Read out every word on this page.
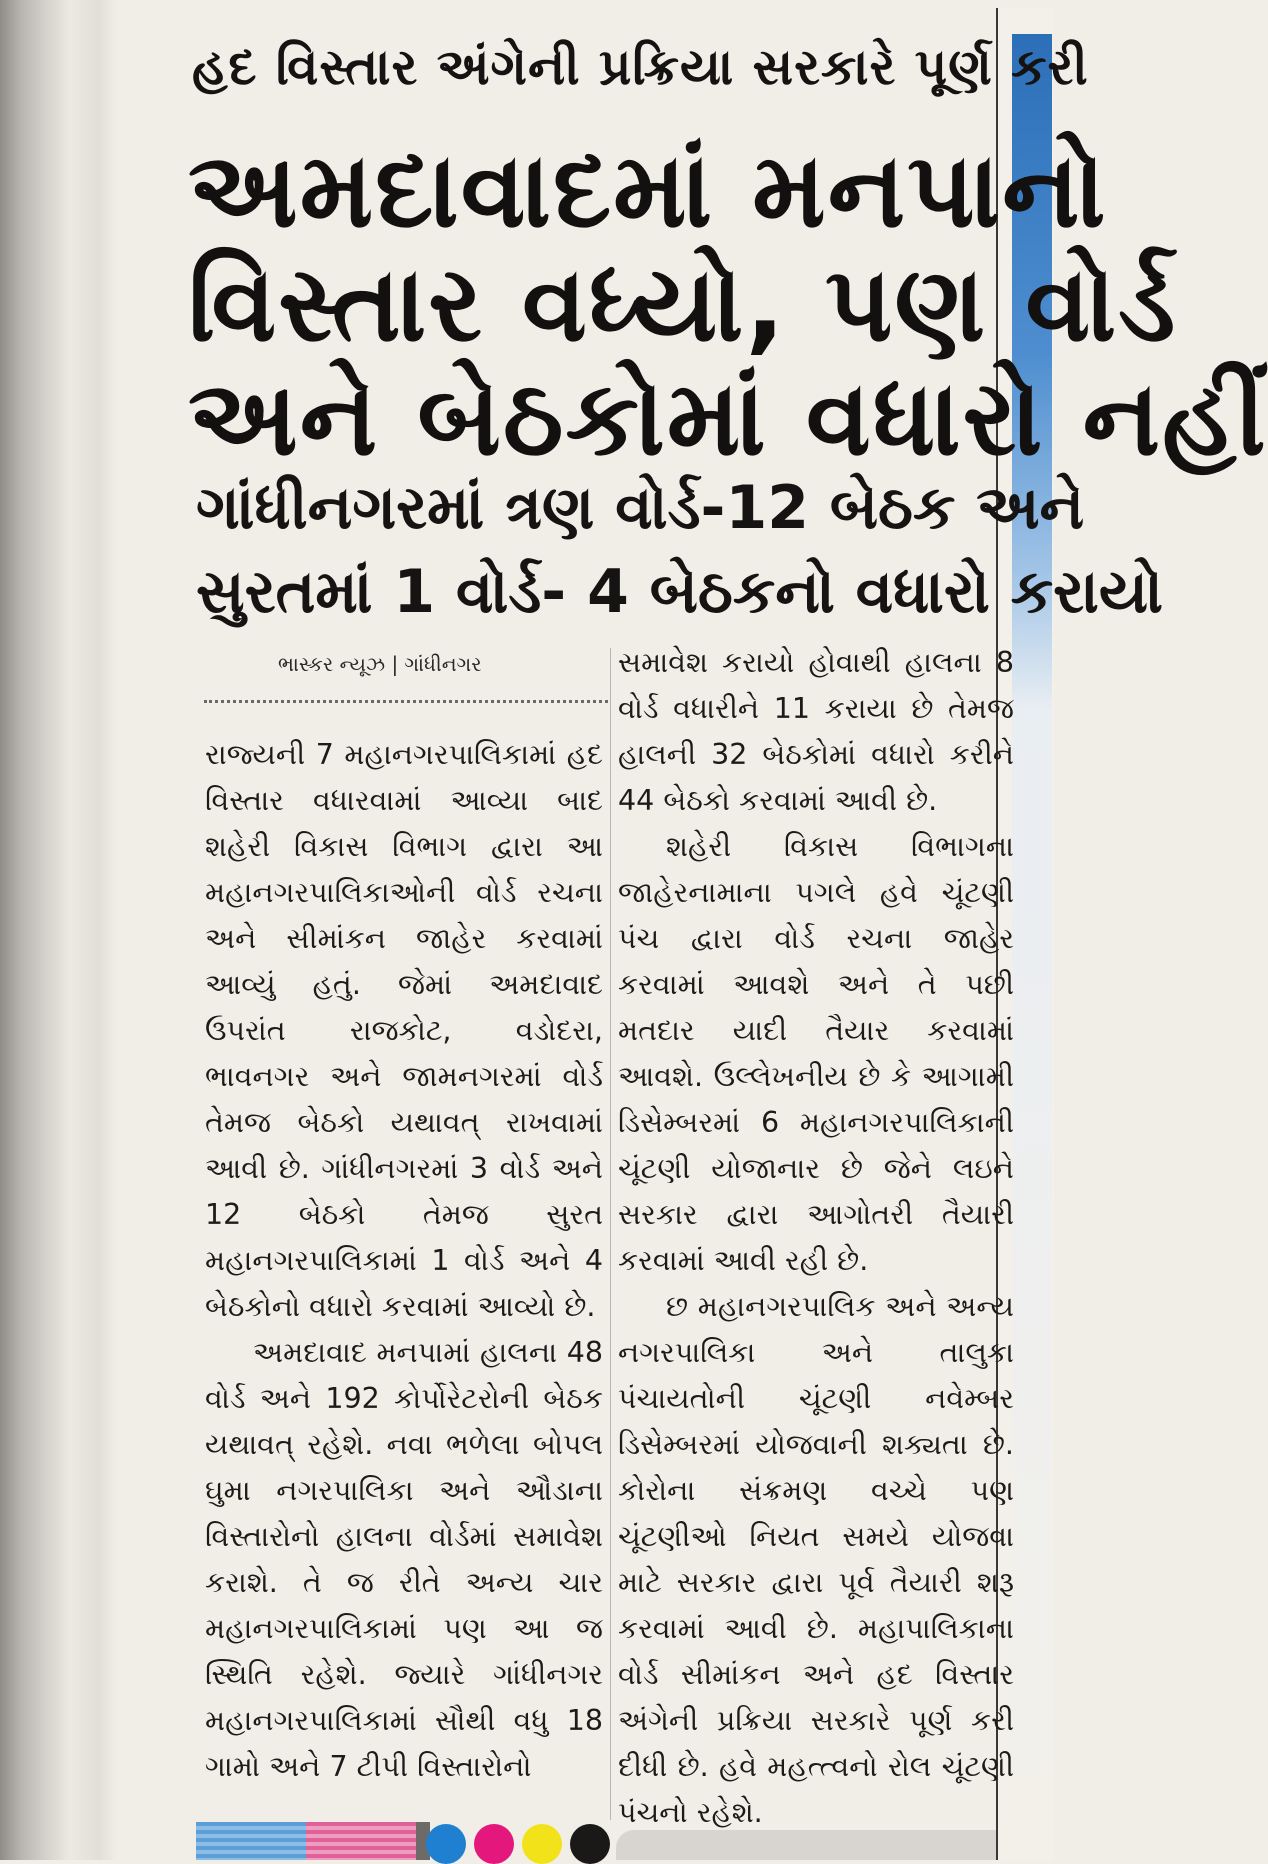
હદ વિસ્તાર અંગેની પ્રક્રિયા સરકારે પૂર્ણ કરી
અમદાવાદમાં મનપાનો
વિસ્તાર વધ્યો, પણ વોર્ડ
અને બેઠકોમાં વધારો નહીં
ગાંધીનગરમાં ત્રણ વોર્ડ-12 બેઠક અને
સુરતમાં 1 વોર્ડ- 4 બેઠકનો વધારો કરાયો
ભાસ્કર ન્યૂઝ | ગાંધીનગર

રાજ્યની 7 મહાનગરપાલિકામાં હદ વિસ્તાર વધારવામાં આવ્યા બાદ શહેરી વિકાસ વિભાગ દ્વારા આ મહાનગરપાલિકાઓની વોર્ડ રચના અને સીમાંકન જાહેર કરવામાં આવ્યું હતું. જેમાં અમદાવાદ ઉપરાંત રાજકોટ, વડોદરા, ભાવનગર અને જામનગરમાં વોર્ડ તેમજ બેઠકો યથાવત્ રાખવામાં આવી છે. ગાંધીનગરમાં 3 વોર્ડ અને 12 બેઠકો તેમજ સુરત મહાનગરપાલિકામાં 1 વોર્ડ અને 4 બેઠકોનો વધારો કરવામાં આવ્યો છે.

અમદાવાદ મનપામાં હાલના 48 વોર્ડ અને 192 કોર્પોરેટરોની બેઠક યથાવત્ રહેશે. નવા ભળેલા બોપલ ઘુમા નગરપાલિકા અને ઔડાના વિસ્તારોનો હાલના વોર્ડમાં સમાવેશ કરાશે. તે જ રીતે અન્ય ચાર મહાનગરપાલિકામાં પણ આ જ સ્થિતિ રહેશે. જ્યારે ગાંધીનગર મહાનગરપાલિકામાં સૌથી વધુ 18 ગામો અને 7 ટીપી વિસ્તારોનો

સમાવેશ કરાયો હોવાથી હાલના 8 વોર્ડ વધારીને 11 કરાયા છે તેમજ હાલની 32 બેઠકોમાં વધારો કરીને 44 બેઠકો કરવામાં આવી છે.

શહેરી વિકાસ વિભાગના જાહેરનામાના પગલે હવે ચૂંટણી પંચ દ્વારા વોર્ડ રચના જાહેર કરવામાં આવશે અને તે પછી મતદાર યાદી તૈયાર કરવામાં આવશે. ઉલ્લેખનીય છે કે આગામી ડિસેમ્બરમાં 6 મહાનગરપાલિકાની ચૂંટણી યોજાનાર છે જેને લઇને સરકાર દ્વારા આગોતરી તૈયારી કરવામાં આવી રહી છે.

છ મહાનગરપાલિક અને અન્ય નગરપાલિકા અને તાલુકા પંચાયતોની ચૂંટણી નવેમ્બર ડિસેમ્બરમાં યોજવાની શક્યતા છે. કોરોના સંક્રમણ વચ્ચે પણ ચૂંટણીઓ નિયત સમયે યોજવા માટે સરકાર દ્વારા પૂર્વ તૈયારી શરૂ કરવામાં આવી છે. મહાપાલિકાના વોર્ડ સીમાંકન અને હદ વિસ્તાર અંગેની પ્રક્રિયા સરકારે પૂર્ણ કરી દીધી છે. હવે મહત્ત્વનો રોલ ચૂંટણી પંચનો રહેશે.
